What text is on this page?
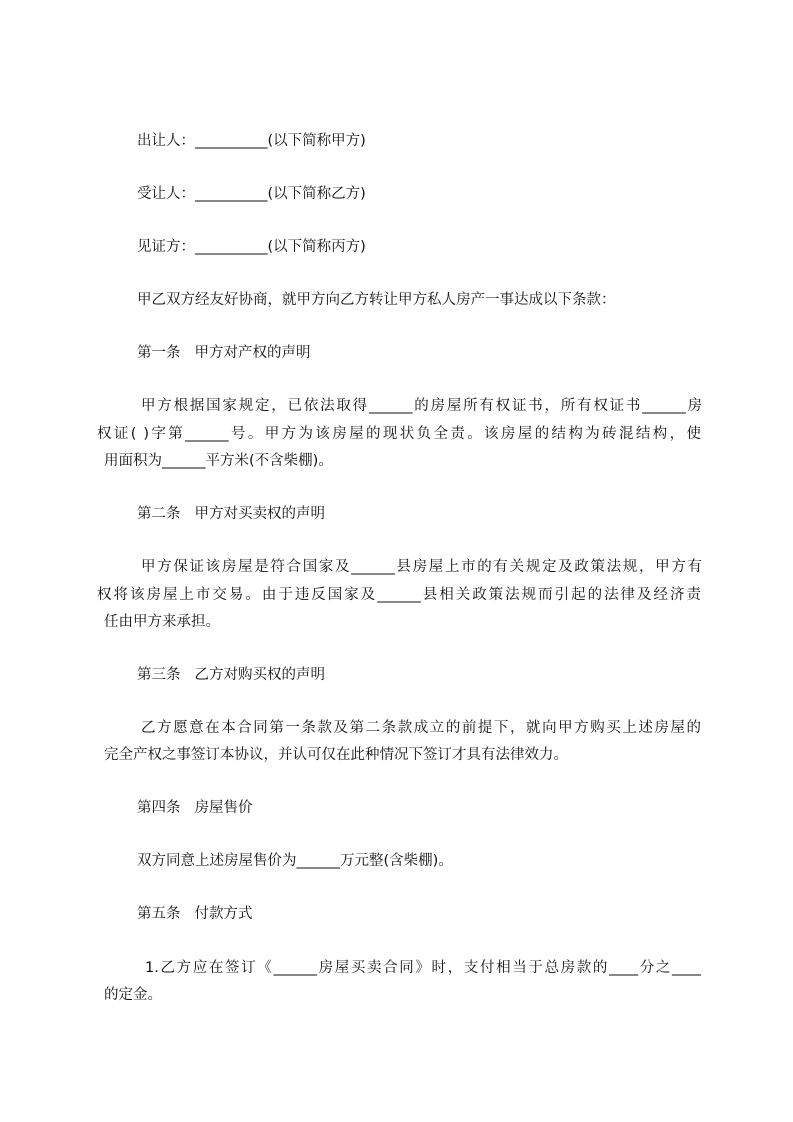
出让人：__________(以下简称甲方)
受让人：__________(以下简称乙方)
见证方：__________(以下简称丙方)
甲乙双方经友好协商，就甲方向乙方转让甲方私人房产一事达成以下条款：
第一条 甲方对产权的声明
甲方根据国家规定，已依法取得______的房屋所有权证书，所有权证书______房
权证( )字第______号。甲方为该房屋的现状负全责。该房屋的结构为砖混结构，使
用面积为______平方米(不含柴棚)。
第二条 甲方对买卖权的声明
甲方保证该房屋是符合国家及______县房屋上市的有关规定及政策法规，甲方有
权将该房屋上市交易。由于违反国家及______县相关政策法规而引起的法律及经济责
任由甲方来承担。
第三条 乙方对购买权的声明
乙方愿意在本合同第一条款及第二条款成立的前提下，就向甲方购买上述房屋的
完全产权之事签订本协议，并认可仅在此种情况下签订才具有法律效力。
第四条 房屋售价
双方同意上述房屋售价为______万元整(含柴棚)。
第五条 付款方式
1.乙方应在签订《______房屋买卖合同》时，支付相当于总房款的____分之____
的定金。
